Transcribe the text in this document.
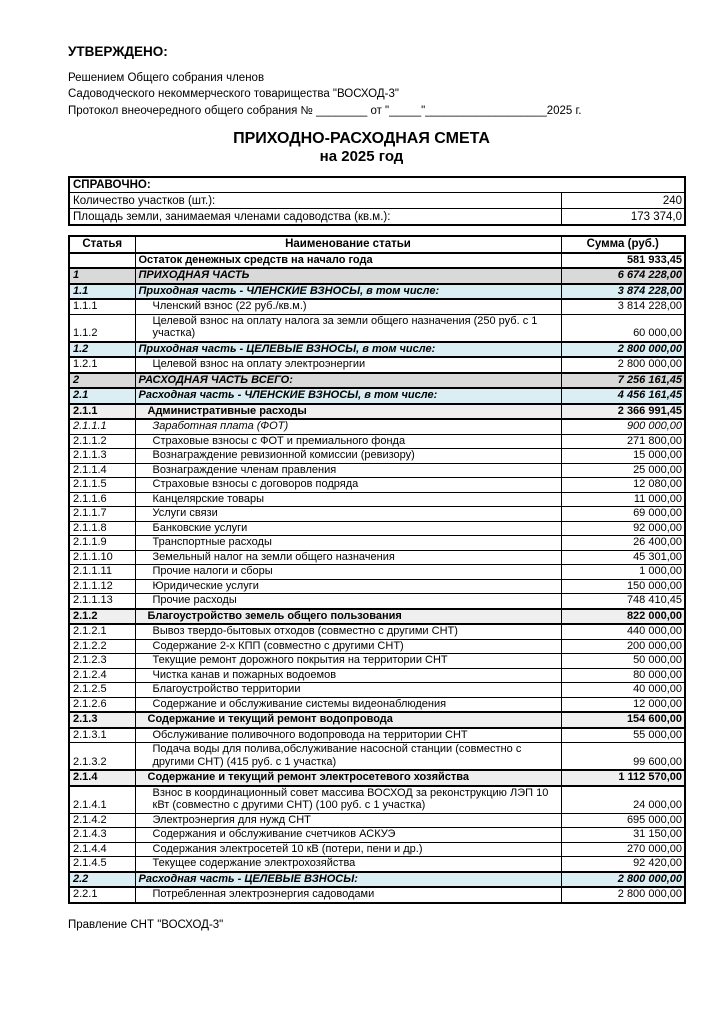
УТВЕРЖДЕНО:
Решением Общего собрания членов
Садоводческого некоммерческого товарищества "ВОСХОД-3"
Протокол внеочередного общего собрания № ________ от "_____"___________________2025 г.
ПРИХОДНО-РАСХОДНАЯ СМЕТА
на 2025 год
СПРАВОЧНО:	
Количество участков (шт.):	240
Площадь земли, занимаемая членами садоводства (кв.м.):	173 374,0
Статья	Наименование статьи	Сумма (руб.)
	Остаток денежных средств на начало года	581 933,45
1	ПРИХОДНАЯ ЧАСТЬ	6 674 228,00
1.1	Приходная часть - ЧЛЕНСКИЕ ВЗНОСЫ, в том числе:	3 874 228,00
1.1.1	Членский взнос (22 руб./кв.м.)	3 814 228,00
1.1.2	Целевой взнос на оплату налога за земли общего назначения (250 руб. с 1 участка)	60 000,00
1.2	Приходная часть - ЦЕЛЕВЫЕ ВЗНОСЫ, в том числе:	2 800 000,00
1.2.1	Целевой взнос на оплату электроэнергии	2 800 000,00
2	РАСХОДНАЯ ЧАСТЬ ВСЕГО:	7 256 161,45
2.1	Расходная часть - ЧЛЕНСКИЕ ВЗНОСЫ, в том числе:	4 456 161,45
2.1.1	Административные расходы	2 366 991,45
2.1.1.1	Заработная плата (ФОТ)	900 000,00
2.1.1.2	Страховые взносы с ФОТ и премиального фонда	271 800,00
2.1.1.3	Вознаграждение ревизионной комиссии (ревизору)	15 000,00
2.1.1.4	Вознаграждение членам правления	25 000,00
2.1.1.5	Страховые взносы с договоров подряда	12 080,00
2.1.1.6	Канцелярские товары	11 000,00
2.1.1.7	Услуги связи	69 000,00
2.1.1.8	Банковские услуги	92 000,00
2.1.1.9	Транспортные расходы	26 400,00
2.1.1.10	Земельный налог на земли общего назначения	45 301,00
2.1.1.11	Прочие налоги и сборы	1 000,00
2.1.1.12	Юридические услуги	150 000,00
2.1.1.13	Прочие расходы	748 410,45
2.1.2	Благоустройство земель общего пользования	822 000,00
2.1.2.1	Вывоз твердо-бытовых отходов (совместно с другими СНТ)	440 000,00
2.1.2.2	Содержание 2-х КПП (совместно с другими СНТ)	200 000,00
2.1.2.3	Текущие ремонт дорожного покрытия на территории СНТ	50 000,00
2.1.2.4	Чистка канав и пожарных водоемов	80 000,00
2.1.2.5	Благоустройство территории	40 000,00
2.1.2.6	Содержание и обслуживание системы видеонаблюдения	12 000,00
2.1.3	Содержание и текущий ремонт водопровода	154 600,00
2.1.3.1	Обслуживание поливочного водопровода на территории СНТ	55 000,00
2.1.3.2	Подача воды для полива,обслуживание насосной станции (совместно с другими СНТ) (415 руб. с 1 участка)	99 600,00
2.1.4	Содержание и текущий ремонт электросетевого хозяйства	1 112 570,00
2.1.4.1	Взнос в координационный совет массива ВОСХОД за реконструкцию ЛЭП 10 кВт (совместно с другими СНТ) (100 руб. с 1 участка)	24 000,00
2.1.4.2	Электроэнергия для нужд СНТ	695 000,00
2.1.4.3	Содержания и обслуживание счетчиков АСКУЭ	31 150,00
2.1.4.4	Содержания электросетей 10 кВ (потери, пени и др.)	270 000,00
2.1.4.5	Текущее содержание электрохозяйства	92 420,00
2.2	Расходная часть - ЦЕЛЕВЫЕ ВЗНОСЫ:	2 800 000,00
2.2.1	Потребленная электроэнергия садоводами	2 800 000,00
Правление СНТ "ВОСХОД-3"
